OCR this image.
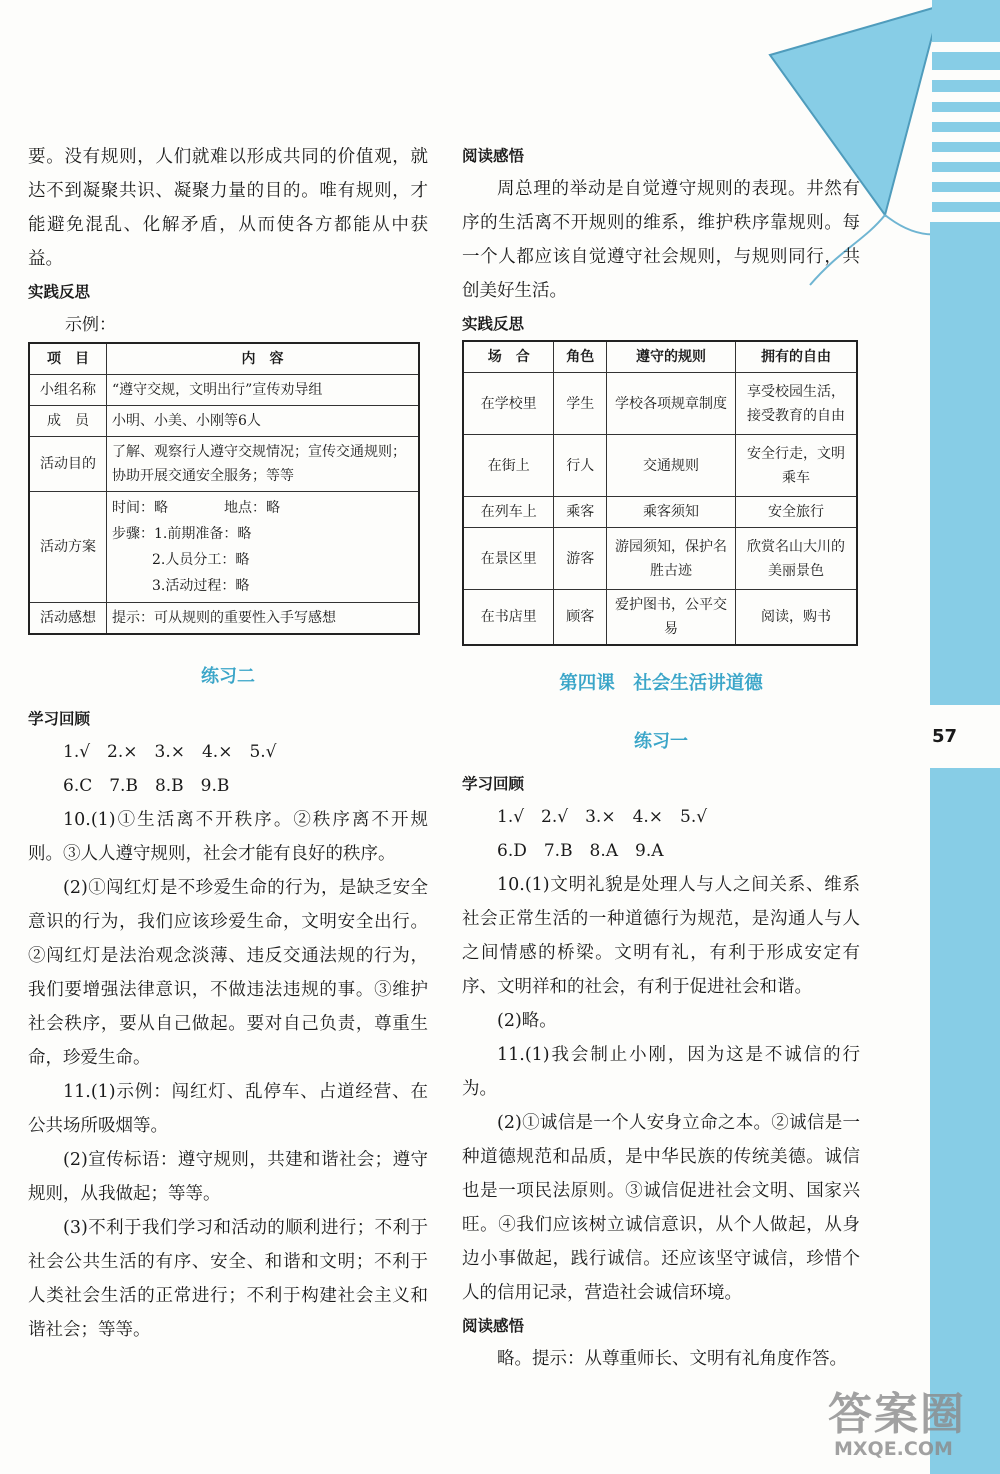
57

要。没有规则，人们就难以形成共同的价值观，就达不到凝聚共识、凝聚力量的目的。唯有规则，才能避免混乱、化解矛盾，从而使各方都能从中获益。

实践反思

示例：

项　目	内　容
小组名称	“遵守交规，文明出行”宣传劝导组
成　员	小明、小美、小刚等6人
活动目的	了解、观察行人遵守交规情况；宣传交通规则；协助开展交通安全服务；等等
活动方案	时间：略　　　　地点：略
步骤：1.前期准备：略
2.人员分工：略
3.活动过程：略

活动感想	提示：可从规则的重要性入手写感想
练习二
学习回顾

1.√　2.×　3.×　4.×　5.√

6.C　7.B　8.B　9.B

10.(1)①生活离不开秩序。②秩序离不开规则。③人人遵守规则，社会才能有良好的秩序。

(2)①闯红灯是不珍爱生命的行为，是缺乏安全意识的行为，我们应该珍爱生命，文明安全出行。②闯红灯是法治观念淡薄、违反交通法规的行为，我们要增强法律意识，不做违法违规的事。③维护社会秩序，要从自己做起。要对自己负责，尊重生命，珍爱生命。

11.(1)示例：闯红灯、乱停车、占道经营、在公共场所吸烟等。

(2)宣传标语：遵守规则，共建和谐社会；遵守规则，从我做起；等等。

(3)不利于我们学习和活动的顺利进行；不利于社会公共生活的有序、安全、和谐和文明；不利于人类社会生活的正常进行；不利于构建社会主义和谐社会；等等。

阅读感悟

周总理的举动是自觉遵守规则的表现。井然有序的生活离不开规则的维系，维护秩序靠规则。每一个人都应该自觉遵守社会规则，与规则同行，共创美好生活。

实践反思
场　合	角色	遵守的规则	拥有的自由
在学校里	学生	学校各项规章制度	享受校园生活，接受教育的自由
在街上	行人	交通规则	安全行走，文明乘车
在列车上	乘客	乘客须知	安全旅行
在景区里	游客	游园须知，保护名胜古迹	欣赏名山大川的美丽景色
在书店里	顾客	爱护图书，公平交易	阅读，购书
第四课　社会生活讲道德
练习一
学习回顾

1.√　2.√　3.×　4.×　5.√

6.D　7.B　8.A　9.A

10.(1)文明礼貌是处理人与人之间关系、维系社会正常生活的一种道德行为规范，是沟通人与人之间情感的桥梁。文明有礼，有利于形成安定有序、文明祥和的社会，有利于促进社会和谐。

(2)略。

11.(1)我会制止小刚，因为这是不诚信的行为。

(2)①诚信是一个人安身立命之本。②诚信是一种道德规范和品质，是中华民族的传统美德。诚信也是一项民法原则。③诚信促进社会文明、国家兴旺。④我们应该树立诚信意识，从个人做起，从身边小事做起，践行诚信。还应该坚守诚信，珍惜个人的信用记录，营造社会诚信环境。

阅读感悟

略。提示：从尊重师长、文明有礼角度作答。

答案圈
MXQE.COM
